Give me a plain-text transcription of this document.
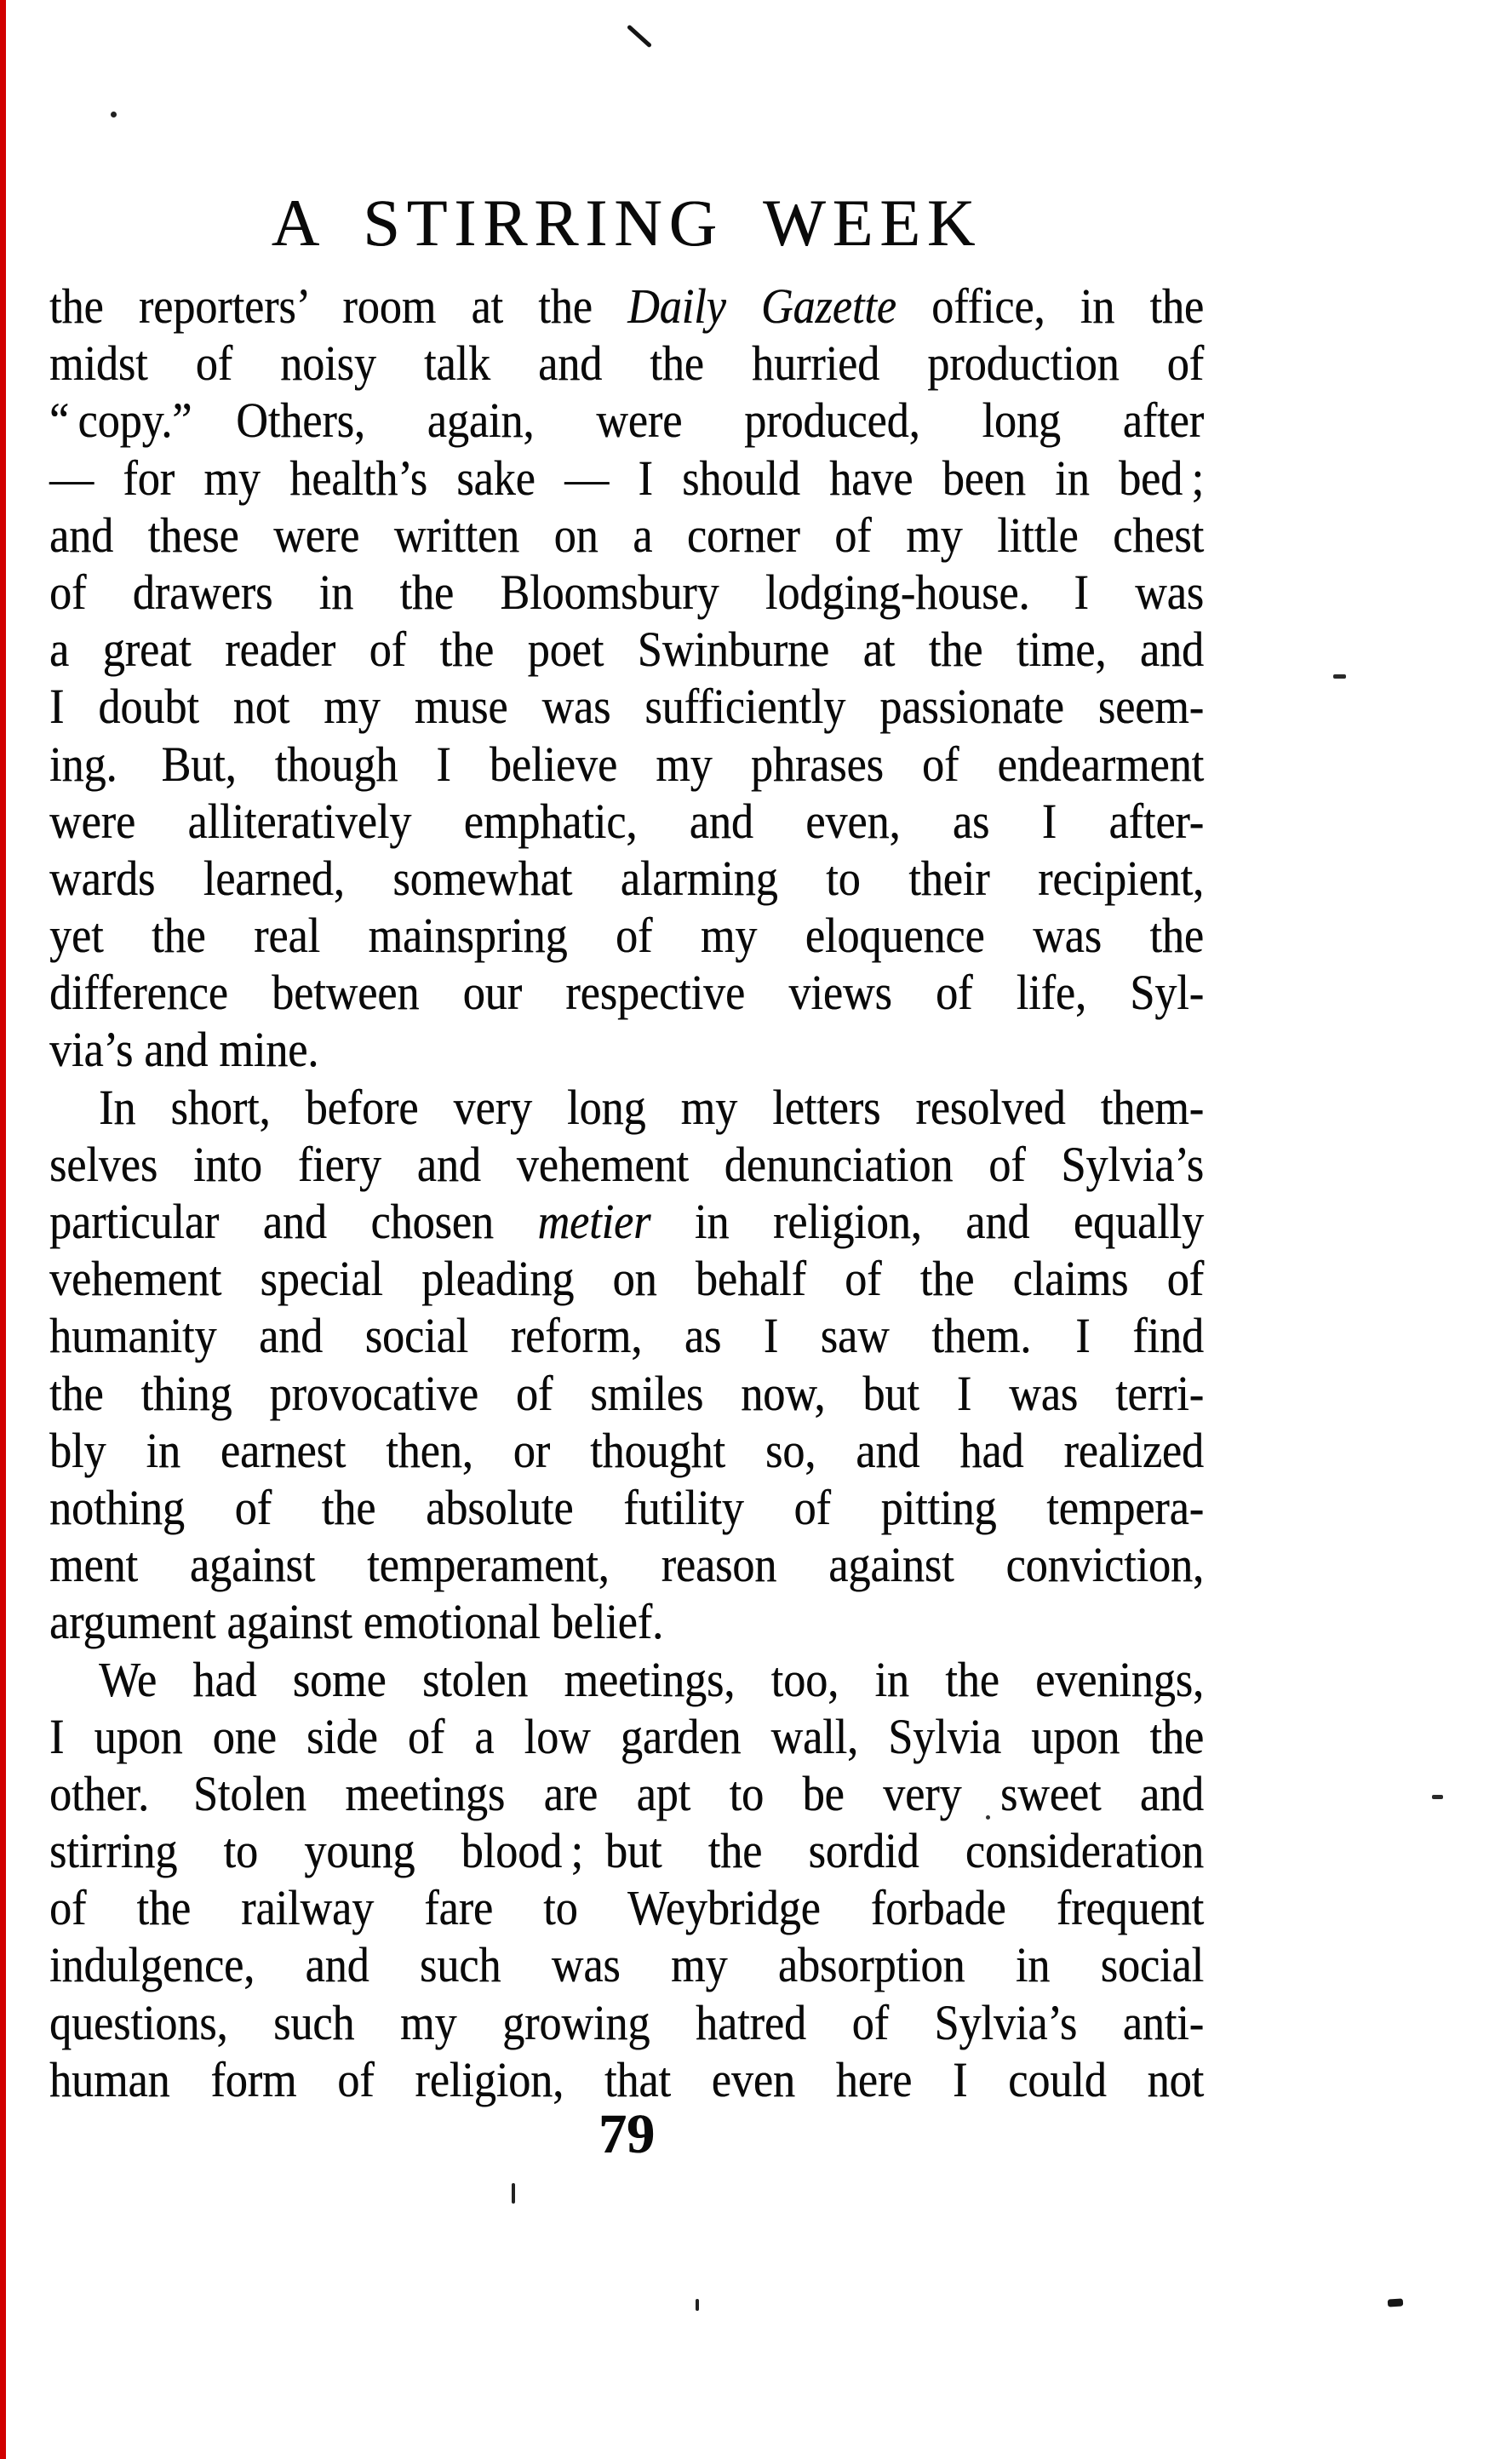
A STIRRING WEEK
the reporters’ room at the Daily Gazette office, in the
midst of noisy talk and the hurried production of
“ copy.” Others, again, were produced, long after
— for my health’s sake — I should have been in bed ;
and these were written on a corner of my little chest
of drawers in the Bloomsbury lodging-house. I was
a great reader of the poet Swinburne at the time, and
I doubt not my muse was sufficiently passionate seem-
ing. But, though I believe my phrases of endearment
were alliteratively emphatic, and even, as I after-
wards learned, somewhat alarming to their recipient,
yet the real mainspring of my eloquence was the
difference between our respective views of life, Syl-
via’s and mine.
In short, before very long my letters resolved them-
selves into fiery and vehement denunciation of Sylvia’s
particular and chosen metier in religion, and equally
vehement special pleading on behalf of the claims of
humanity and social reform, as I saw them. I find
the thing provocative of smiles now, but I was terri-
bly in earnest then, or thought so, and had realized
nothing of the absolute futility of pitting tempera-
ment against temperament, reason against conviction,
argument against emotional belief.
We had some stolen meetings, too, in the evenings,
I upon one side of a low garden wall, Sylvia upon the
other. Stolen meetings are apt to be very sweet and
stirring to young blood ; but the sordid consideration
of the railway fare to Weybridge forbade frequent
indulgence, and such was my absorption in social
questions, such my growing hatred of Sylvia’s anti-
human form of religion, that even here I could not
79
